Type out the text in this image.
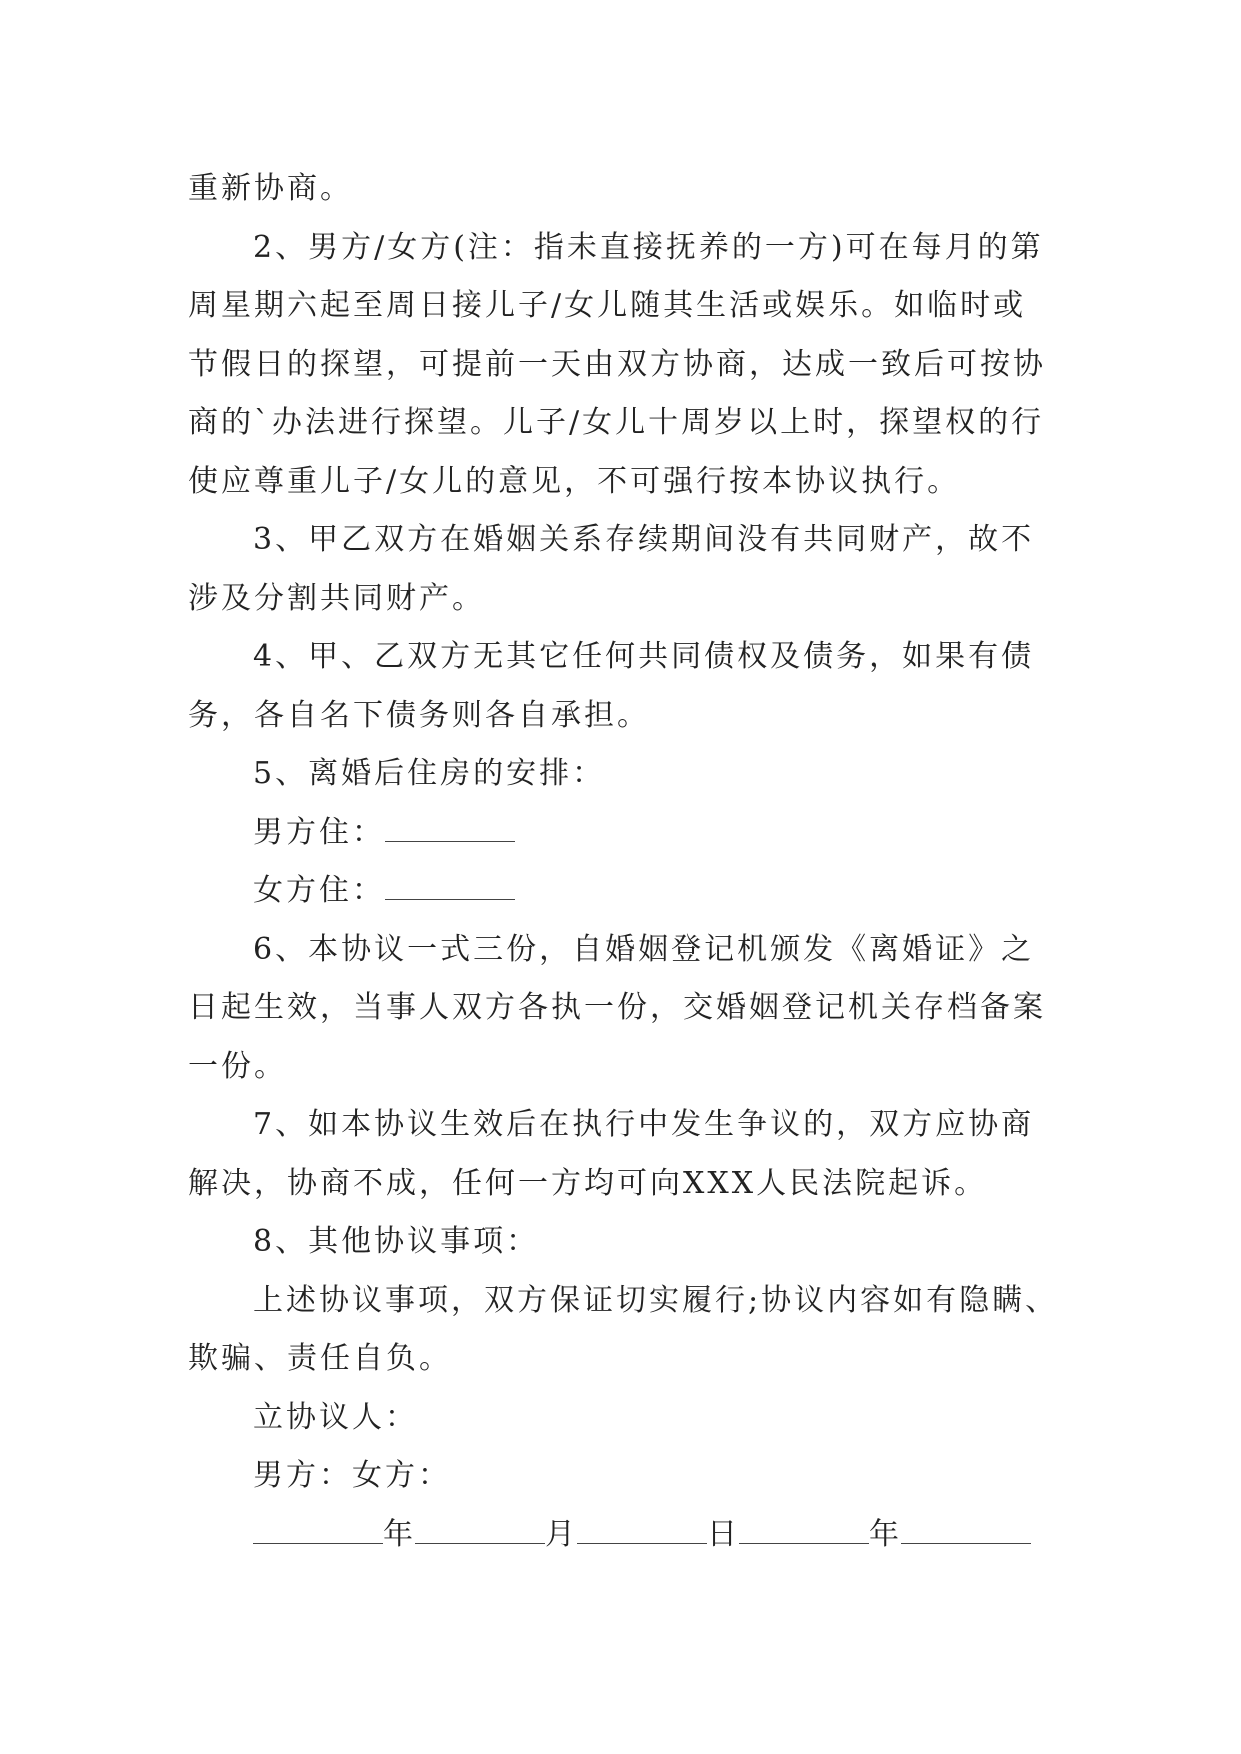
重新协商。

2、男方/女方(注：指未直接抚养的一方)可在每月的第

周星期六起至周日接儿子/女儿随其生活或娱乐。如临时或

节假日的探望，可提前一天由双方协商，达成一致后可按协

商的`办法进行探望。儿子/女儿十周岁以上时，探望权的行

使应尊重儿子/女儿的意见，不可强行按本协议执行。

3、甲乙双方在婚姻关系存续期间没有共同财产，故不

涉及分割共同财产。

4、甲、乙双方无其它任何共同债权及债务，如果有债

务，各自名下债务则各自承担。

5、离婚后住房的安排：

男方住：

女方住：

6、本协议一式三份，自婚姻登记机颁发《离婚证》之

日起生效，当事人双方各执一份，交婚姻登记机关存档备案

一份。

7、如本协议生效后在执行中发生争议的，双方应协商

解决，协商不成，任何一方均可向XXX人民法院起诉。

8、其他协议事项：

上述协议事项，双方保证切实履行;协议内容如有隐瞒、

欺骗、责任自负。

立协议人：

男方：女方：

年	月	日	年
